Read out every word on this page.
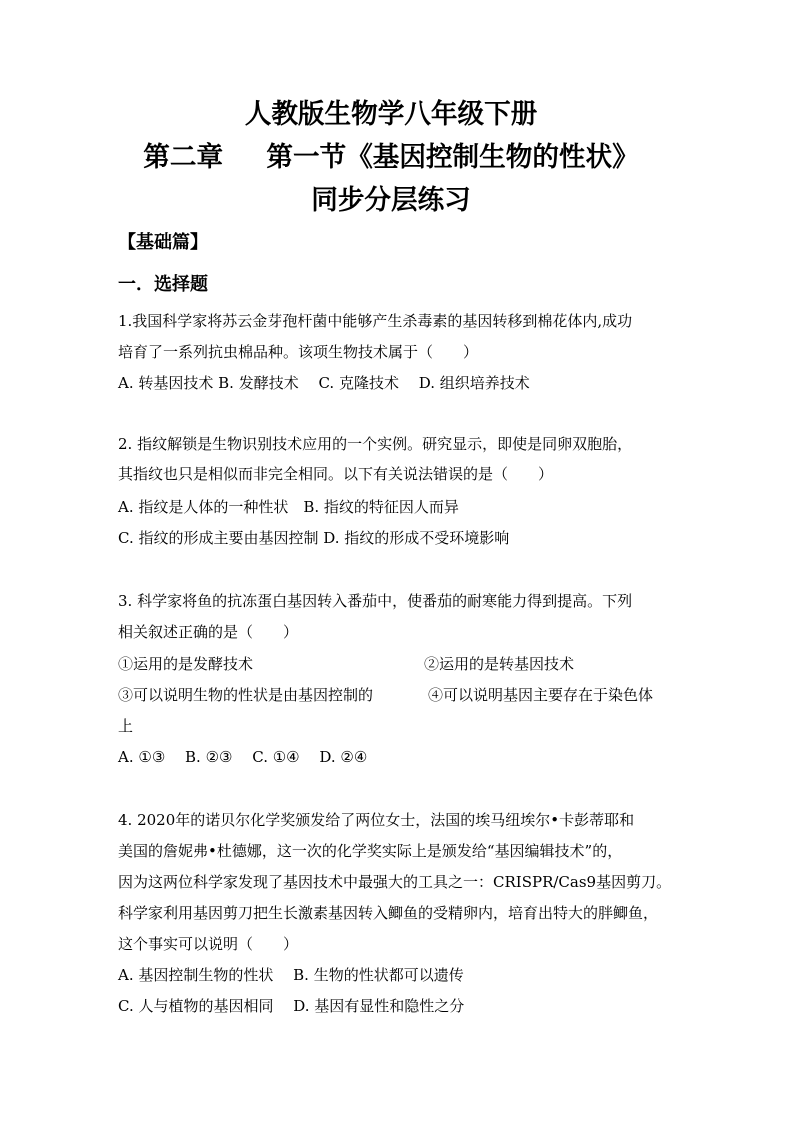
人教版生物学八年级下册
第二章 第一节《基因控制生物的性状》
同步分层练习
【基础篇】
一．选择题
1.我国科学家将苏云金芽孢杆菌中能够产生杀毒素的基因转移到棉花体内,成功
培育了一系列抗虫棉品种。该项生物技术属于（　　）
A. 转基因技术 B. 发酵技术　 C. 克隆技术　 D. 组织培养技术
2. 指纹解锁是生物识别技术应用的一个实例。研究显示，即使是同卵双胞胎，
其指纹也只是相似而非完全相同。以下有关说法错误的是（　　）
A. 指纹是人体的一种性状　B. 指纹的特征因人而异
C. 指纹的形成主要由基因控制 D. 指纹的形成不受环境影响
3. 科学家将鱼的抗冻蛋白基因转入番茄中，使番茄的耐寒能力得到提高。下列
相关叙述正确的是（　　）
①运用的是发酵技术	②运用的是转基因技术
③可以说明生物的性状是由基因控制的	④可以说明基因主要存在于染色体
上
A. ①③　 B. ②③　 C. ①④　 D. ②④
4. 2020年的诺贝尔化学奖颁发给了两位女士，法国的埃马纽埃尔•卡彭蒂耶和
美国的詹妮弗•杜德娜，这一次的化学奖实际上是颁发给“基因编辑技术”的，
因为这两位科学家发现了基因技术中最强大的工具之一：CRISPR/Cas9基因剪刀。
科学家利用基因剪刀把生长激素基因转入鲫鱼的受精卵内，培育出特大的胖鲫鱼，
这个事实可以说明（　　）
A. 基因控制生物的性状　 B. 生物的性状都可以遗传
C. 人与植物的基因相同　 D. 基因有显性和隐性之分
